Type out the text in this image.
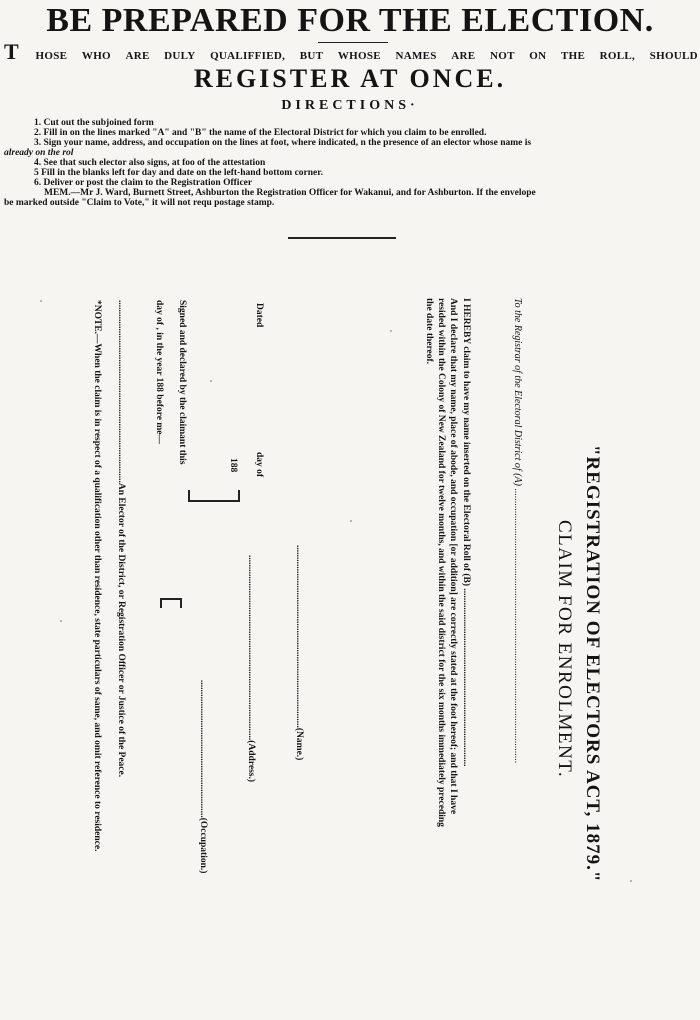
BE PREPARED FOR THE ELECTION.
T HOSE WHO ARE DULY QUALIFFIED, BUT WHOSE NAMES ARE NOT ON THE ROLL, SHOULD
REGISTER AT ONCE.
DIRECTIONS·
1. Cut out the subjoined form
2. Fill in on the lines marked "A" and "B" the name of the Electoral District for which you claim to be enrolled.
3. Sign your name, address, and occupation on the lines at foot, where indicated, n the presence of an elector whose name is
already on the rol
4. See that such elector also signs, at foo of the attestation
5 Fill in the blanks left for day and date on the left-hand bottom corner.
6. Deliver or post the claim to the Registration Officer
MEM.—Mr J. Ward, Burnett Street, Ashburton the Registration Officer for Wakanui, and for Ashburton. If the envelope
be marked outside "Claim to Vote," it will not requ postage stamp.
"REGISTRATION OF ELECTORS ACT, 1879."
CLAIM FOR ENROLMENT.
To the Registrar of the Electoral District of (A) ..............................................................................................................
I HEREBY claim to have my name inserted on the Electoral Roll of (B) ...........................................................................
And I declare that my name, place of abode, and occupation [or addition] are correctly stated at the foot hereof; and that I have
resided within the Colony of New Zealand for twelve months, and within the said district for the six months immediately preceding
the date thereof.
.............................................................................(Name.)
..............................................................................(Address.)
..........................................................(Occupation.)
Dated
day of
188
Signed and declared by the claimant this
day of , in the year 188 before me—
.............................................................................An Elector of the District, or Registration Officer or Justice of the Peace.
*NOTE.—When the claim is in respect of a qualification other than residence, state particulars of same, and omit reference to residence.
